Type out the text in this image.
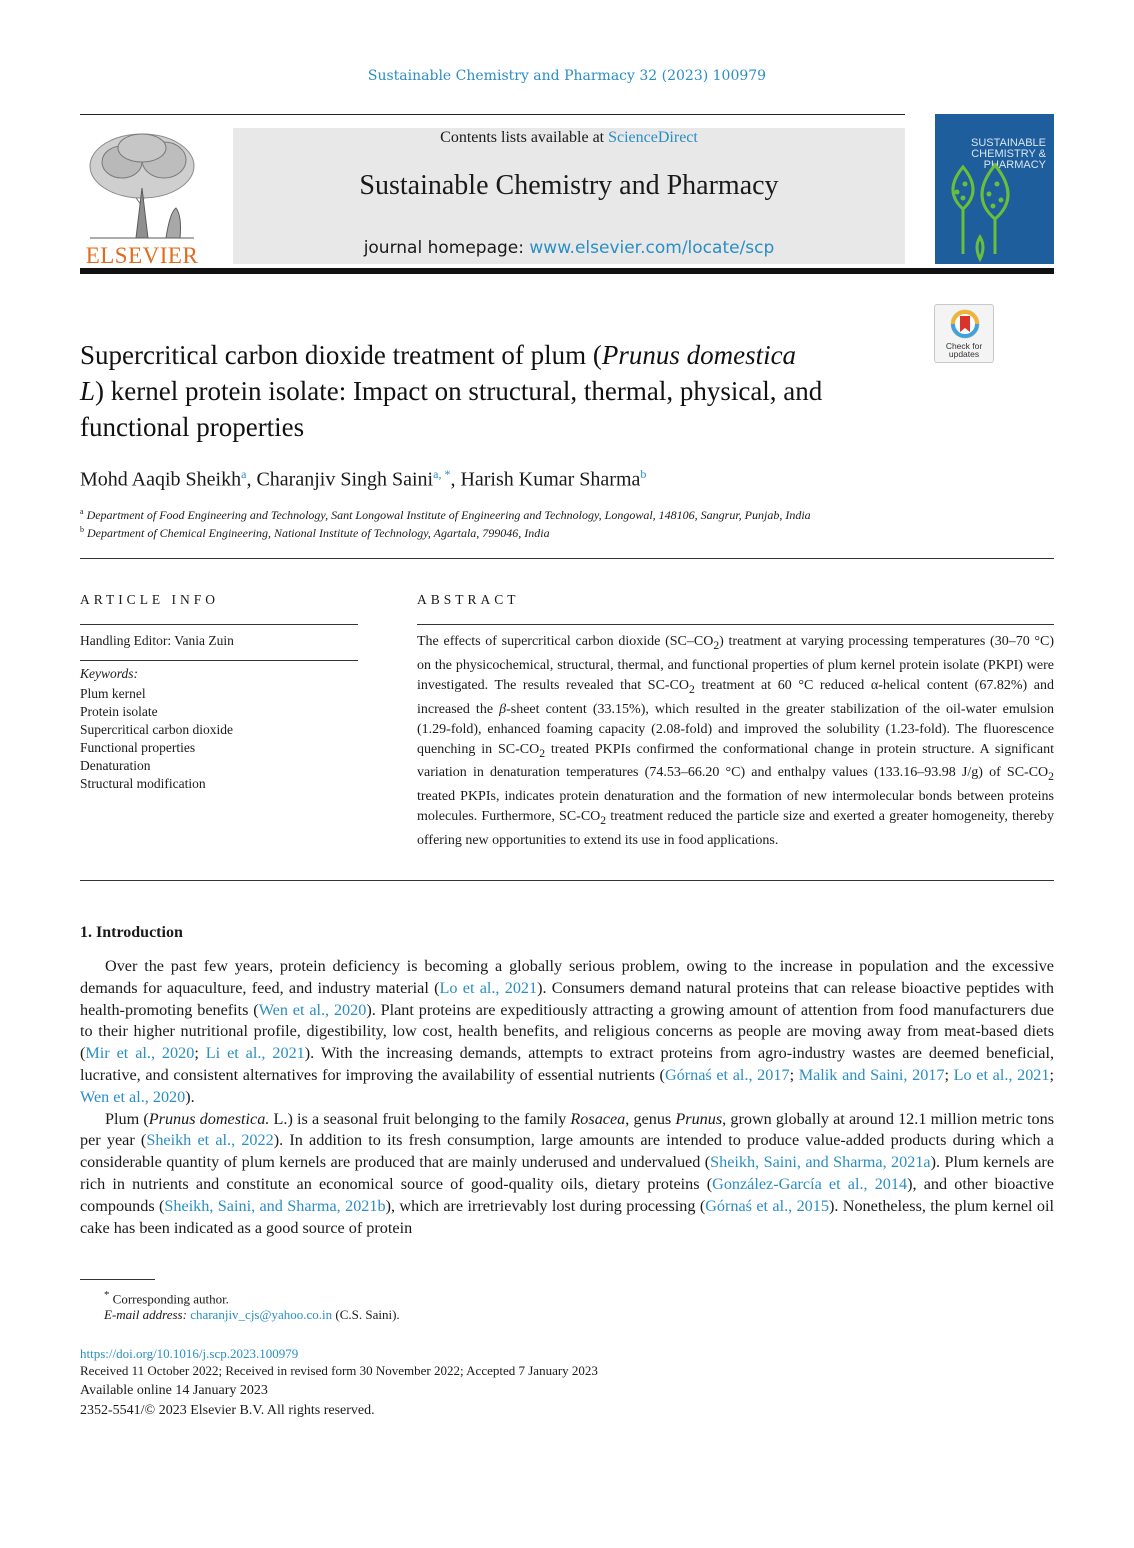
Sustainable Chemistry and Pharmacy 32 (2023) 100979
ELSEVIER
Contents lists available at ScienceDirect
Sustainable Chemistry and Pharmacy
journal homepage: www.elsevier.com/locate/scp
SUSTAINABLE
CHEMISTRY &
PHARMACY
Check for
updates
Supercritical carbon dioxide treatment of plum (Prunus domestica
L) kernel protein isolate: Impact on structural, thermal, physical, and functional properties
Mohd Aaqib Sheikh$^a$, Charanjiv Singh Saini$^{a, *}$, Harish Kumar Sharma$^b$
$^a$ Department of Food Engineering and Technology, Sant Longowal Institute of Engineering and Technology, Longowal, 148106, Sangrur, Punjab, India
$^b$ Department of Chemical Engineering, National Institute of Technology, Agartala, 799046, India
ARTICLE INFO
Handling Editor: Vania Zuin
Keywords:
Plum kernel
Protein isolate
Supercritical carbon dioxide
Functional properties
Denaturation
Structural modification
ABSTRACT
The effects of supercritical carbon dioxide $(SC-CO_2)$ treatment at varying processing temperatures (30–70 °C) on the physicochemical, structural, thermal, and functional properties of plum kernel protein isolate (PKPI) were investigated. The results revealed that $SC-CO_2$ treatment at 60 °C reduced α-helical content (67.82%) and increased the β-sheet content (33.15%), which resulted in the greater stabilization of the oil-water emulsion (1.29-fold), enhanced foaming capacity (2.08-fold) and improved the solubility (1.23-fold). The fluorescence quenching in $SC-CO_2$ treated PKPIs confirmed the conformational change in protein structure. A significant variation in denaturation temperatures (74.53–66.20 °C) and enthalpy values (133.16–93.98 J/g) of $SC-CO_2$ treated PKPIs, indicates protein denaturation and the formation of new intermolecular bonds between proteins molecules. Furthermore, $SC-CO_2$ treatment reduced the particle size and exerted a greater homogeneity, thereby offering new opportunities to extend its use in food applications.
1. Introduction

Over the past few years, protein deficiency is becoming a globally serious problem, owing to the increase in population and the excessive demands for aquaculture, feed, and industry material (Lo et al., 2021). Consumers demand natural proteins that can release bioactive peptides with health-promoting benefits (Wen et al., 2020). Plant proteins are expeditiously attracting a growing amount of attention from food manufacturers due to their higher nutritional profile, digestibility, low cost, health benefits, and religious concerns as people are moving away from meat-based diets (Mir et al., 2020; Li et al., 2021). With the increasing demands, attempts to extract proteins from agro-industry wastes are deemed beneficial, lucrative, and consistent alternatives for improving the availability of essential nutrients (Górnaś et al., 2017; Malik and Saini, 2017; Lo et al., 2021; Wen et al., 2020).

Plum (Prunus domestica. L.) is a seasonal fruit belonging to the family Rosacea, genus Prunus, grown globally at around 12.1 million metric tons per year (Sheikh et al., 2022). In addition to its fresh consumption, large amounts are intended to produce value-added products during which a considerable quantity of plum kernels are produced that are mainly underused and undervalued (Sheikh, Saini, and Sharma, 2021a). Plum kernels are rich in nutrients and constitute an economical source of good-quality oils, dietary proteins (González-García et al., 2014), and other bioactive compounds (Sheikh, Saini, and Sharma, 2021b), which are irretrievably lost during processing (Górnaś et al., 2015). Nonetheless, the plum kernel oil cake has been indicated as a good source of protein

* Corresponding author.
E-mail address: charanjiv_cjs@yahoo.co.in (C.S. Saini).
https://doi.org/10.1016/j.scp.2023.100979
Received 11 October 2022; Received in revised form 30 November 2022; Accepted 7 January 2023
Available online 14 January 2023
2352-5541/© 2023 Elsevier B.V. All rights reserved.
